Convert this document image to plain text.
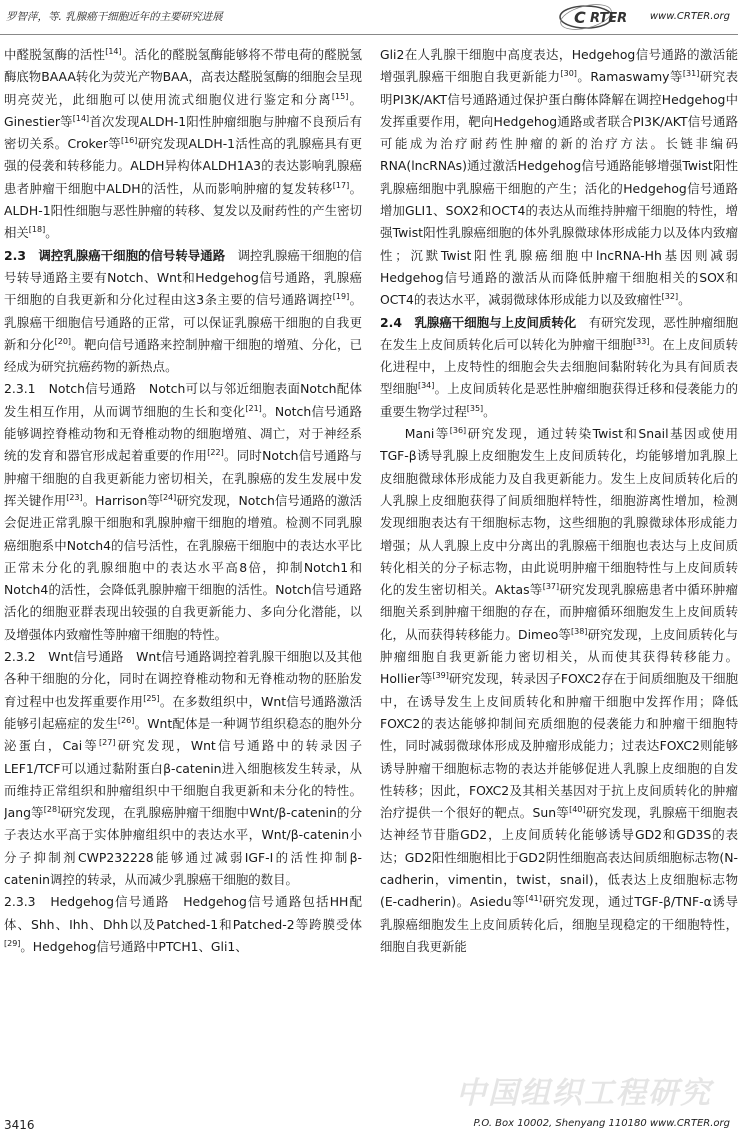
罗智萍，等. 乳腺癌干细胞近年的主要研究进展	C RTER www.CRTER.org

中醛脱氢酶的活性[14]。活化的醛脱氢酶能够将不带电荷的醛脱氢酶底物BAAA转化为荧光产物BAA，高表达醛脱氢酶的细胞会呈现明亮荧光，此细胞可以使用流式细胞仪进行鉴定和分离[15]。Ginestier等[14]首次发现ALDH-1阳性肿瘤细胞与肿瘤不良预后有密切关系。Croker等[16]研究发现ALDH-1活性高的乳腺癌具有更强的侵袭和转移能力。ALDH异构体ALDH1A3的表达影响乳腺癌患者肿瘤干细胞中ALDH的活性，从而影响肿瘤的复发转移[17]。ALDH-1阳性细胞与恶性肿瘤的转移、复发以及耐药性的产生密切相关[18]。

2.3　调控乳腺癌干细胞的信号转导通路　调控乳腺癌干细胞的信号转导通路主要有Notch、Wnt和Hedgehog信号通路，乳腺癌干细胞的自我更新和分化过程由这3条主要的信号通路调控[19]。乳腺癌干细胞信号通路的正常，可以保证乳腺癌干细胞的自我更新和分化[20]。靶向信号通路来控制肿瘤干细胞的增殖、分化，已经成为研究抗癌药物的新热点。

2.3.1　Notch信号通路　Notch可以与邻近细胞表面Notch配体发生相互作用，从而调节细胞的生长和变化[21]。Notch信号通路能够调控脊椎动物和无脊椎动物的细胞增殖、凋亡，对于神经系统的发育和器官形成起着重要的作用[22]。同时Notch信号通路与肿瘤干细胞的自我更新能力密切相关，在乳腺癌的发生发展中发挥关键作用[23]。Harrison等[24]研究发现，Notch信号通路的激活会促进正常乳腺干细胞和乳腺肿瘤干细胞的增殖。检测不同乳腺癌细胞系中Notch4的信号活性，在乳腺癌干细胞中的表达水平比正常未分化的乳腺细胞中的表达水平高8倍，抑制Notch1和Notch4的活性，会降低乳腺肿瘤干细胞的活性。Notch信号通路活化的细胞亚群表现出较强的自我更新能力、多向分化潜能，以及增强体内致瘤性等肿瘤干细胞的特性。

2.3.2　Wnt信号通路　Wnt信号通路调控着乳腺干细胞以及其他各种干细胞的分化，同时在调控脊椎动物和无脊椎动物的胚胎发育过程中也发挥重要作用[25]。在多数组织中，Wnt信号通路激活能够引起癌症的发生[26]。Wnt配体是一种调节组织稳态的胞外分泌蛋白，Cai等[27]研究发现，Wnt信号通路中的转录因子LEF1/TCF可以通过黏附蛋白β-catenin进入细胞核发生转录，从而维持正常组织和肿瘤组织中干细胞自我更新和未分化的特性。Jang等[28]研究发现，在乳腺癌肿瘤干细胞中Wnt/β-catenin的分子表达水平高于实体肿瘤组织中的表达水平，Wnt/β-catenin小分子抑制剂CWP232228能够通过减弱IGF-I的活性抑制β-catenin调控的转录，从而减少乳腺癌干细胞的数目。

2.3.3　Hedgehog信号通路　Hedgehog信号通路包括HH配体、Shh、Ihh、Dhh以及Patched-1和Patched-2等跨膜受体[29]。Hedgehog信号通路中PTCH1、Gli1、

Gli2在人乳腺干细胞中高度表达，Hedgehog信号通路的激活能增强乳腺癌干细胞自我更新能力[30]。Ramaswamy等[31]研究表明PI3K/AKT信号通路通过保护蛋白酶体降解在调控Hedgehog中发挥重要作用，靶向Hedgehog通路或者联合PI3K/AKT信号通路可能成为治疗耐药性肿瘤的新的治疗方法。长链非编码RNA(lncRNAs)通过激活Hedgehog信号通路能够增强Twist阳性乳腺癌细胞中乳腺癌干细胞的产生；活化的Hedgehog信号通路增加GLI1、SOX2和OCT4的表达从而维持肿瘤干细胞的特性，增强Twist阳性乳腺癌细胞的体外乳腺微球体形成能力以及体内致瘤性；沉默Twist阳性乳腺癌细胞中lncRNA-Hh基因则减弱Hedgehog信号通路的激活从而降低肿瘤干细胞相关的SOX和OCT4的表达水平，减弱微球体形成能力以及致瘤性[32]。

2.4　乳腺癌干细胞与上皮间质转化　有研究发现，恶性肿瘤细胞在发生上皮间质转化后可以转化为肿瘤干细胞[33]。在上皮间质转化进程中，上皮特性的细胞会失去细胞间黏附转化为具有间质表型细胞[34]。上皮间质转化是恶性肿瘤细胞获得迁移和侵袭能力的重要生物学过程[35]。

Mani等[36]研究发现，通过转染Twist和Snail基因或使用TGF-β诱导乳腺上皮细胞发生上皮间质转化，均能够增加乳腺上皮细胞微球体形成能力及自我更新能力。发生上皮间质转化后的人乳腺上皮细胞获得了间质细胞样特性，细胞游离性增加，检测发现细胞表达有干细胞标志物，这些细胞的乳腺微球体形成能力增强；从人乳腺上皮中分离出的乳腺癌干细胞也表达与上皮间质转化相关的分子标志物，由此说明肿瘤干细胞特性与上皮间质转化的发生密切相关。Aktas等[37]研究发现乳腺癌患者中循环肿瘤细胞关系到肿瘤干细胞的存在，而肿瘤循环细胞发生上皮间质转化，从而获得转移能力。Dimeo等[38]研究发现，上皮间质转化与肿瘤细胞自我更新能力密切相关，从而使其获得转移能力。Hollier等[39]研究发现，转录因子FOXC2存在于间质细胞及干细胞中，在诱导发生上皮间质转化和肿瘤干细胞中发挥作用；降低FOXC2的表达能够抑制间充质细胞的侵袭能力和肿瘤干细胞特性，同时减弱微球体形成及肿瘤形成能力；过表达FOXC2则能够诱导肿瘤干细胞标志物的表达并能够促进人乳腺上皮细胞的自发性转移；因此，FOXC2及其相关基因对于抗上皮间质转化的肿瘤治疗提供一个很好的靶点。Sun等[40]研究发现，乳腺癌干细胞表达神经节苷脂GD2，上皮间质转化能够诱导GD2和GD3S的表达；GD2阳性细胞相比于GD2阴性细胞高表达间质细胞标志物(N-cadherin，vimentin，twist，snail)，低表达上皮细胞标志物(E-cadherin)。Asiedu等[41]研究发现，通过TGF-β/TNF-α诱导乳腺癌细胞发生上皮间质转化后，细胞呈现稳定的干细胞特性，细胞自我更新能

中国组织工程研究
3416	P.O. Box 10002, Shenyang 110180 www.CRTER.org
